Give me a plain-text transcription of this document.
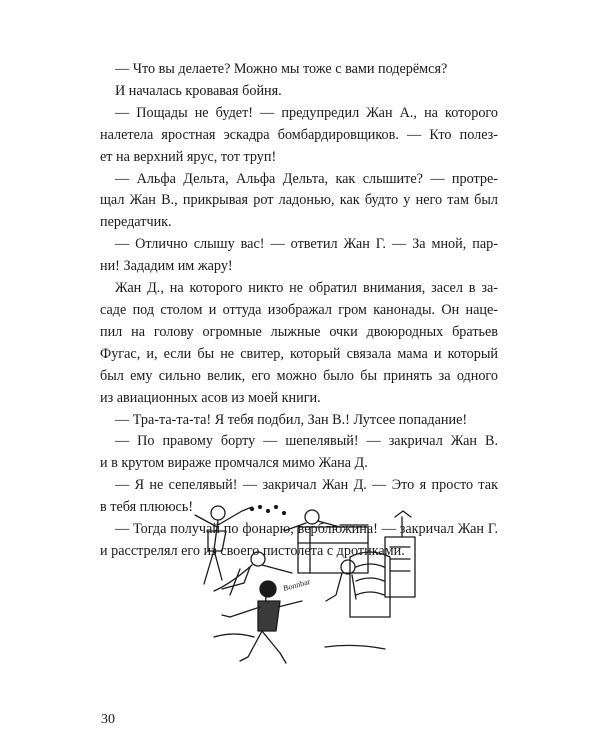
— Что вы делаете? Можно мы тоже с вами подерёмся?

И началась кровавая бойня.

— Пощады не будет! — предупредил Жан А., на которого
налетела яростная эскадра бомбардировщиков. — Кто полез-
ет на верхний ярус, тот труп!

— Альфа Дельта, Альфа Дельта, как слышите? — протре-
щал Жан В., прикрывая рот ладонью, как будто у него там был
передатчик.

— Отлично слышу вас! — ответил Жан Г. — За мной, пар-
ни! Зададим им жару!

Жан Д., на которого никто не обратил внимания, засел в за-
саде под столом и оттуда изображал гром канонады. Он нацe-
пил на голову огромные лыжные очки двоюродных братьев
Фугас, и, если бы не свитер, который связала мама и который
был ему сильно велик, его можно было бы принять за одного
из авиационных асов из моей книги.

— Тра-та-та-та! Я тебя подбил, Зан В.! Лутсее попадание!

— По правому борту — шепелявый! — закричал Жан В.
и в крутом вираже промчался мимо Жана Д.

— Я не сепелявый! — закричал Жан Д. — Это я просто так
в тебя плююсь!

— Тогда получай по фонарю, верблюжина! — закричал Жан Г.
и расстрелял его из своего пистолета с дротиками.

Bonnbar
30
